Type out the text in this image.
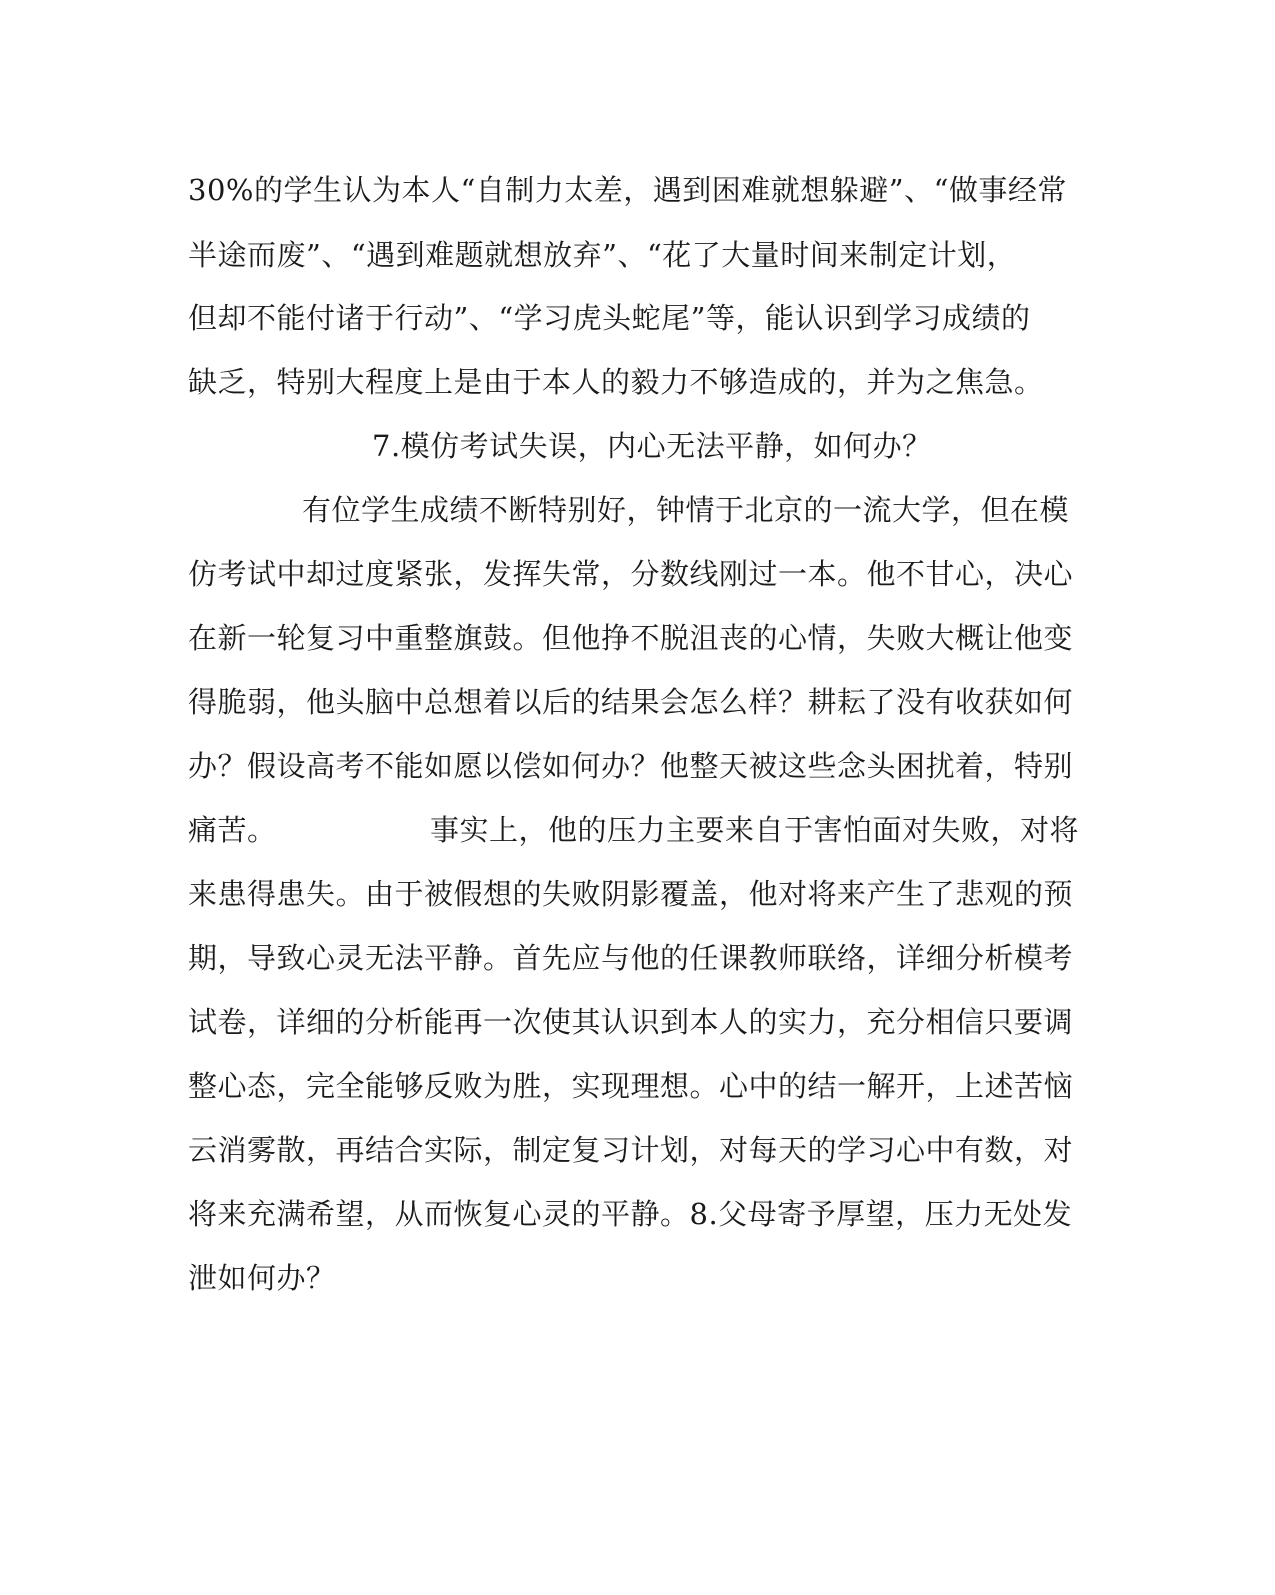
30%的学生认为本人“自制力太差，遇到困难就想躲避”、“做事经常
半途而废”、“遇到难题就想放弃”、“花了大量时间来制定计划，
但却不能付诸于行动”、“学习虎头蛇尾”等，能认识到学习成绩的
缺乏，特别大程度上是由于本人的毅力不够造成的，并为之焦急。
7.模仿考试失误，内心无法平静，如何办？
有位学生成绩不断特别好，钟情于北京的一流大学，但在模
仿考试中却过度紧张，发挥失常，分数线刚过一本。他不甘心，决心
在新一轮复习中重整旗鼓。但他挣不脱沮丧的心情，失败大概让他变
得脆弱，他头脑中总想着以后的结果会怎么样？耕耘了没有收获如何
办？假设高考不能如愿以偿如何办？他整天被这些念头困扰着，特别
痛苦。	事实上，他的压力主要来自于害怕面对失败，对将
来患得患失。由于被假想的失败阴影覆盖，他对将来产生了悲观的预
期，导致心灵无法平静。首先应与他的任课教师联络，详细分析模考
试卷，详细的分析能再一次使其认识到本人的实力，充分相信只要调
整心态，完全能够反败为胜，实现理想。心中的结一解开，上述苦恼
云消雾散，再结合实际，制定复习计划，对每天的学习心中有数，对
将来充满希望，从而恢复心灵的平静。8.父母寄予厚望，压力无处发
泄如何办？
